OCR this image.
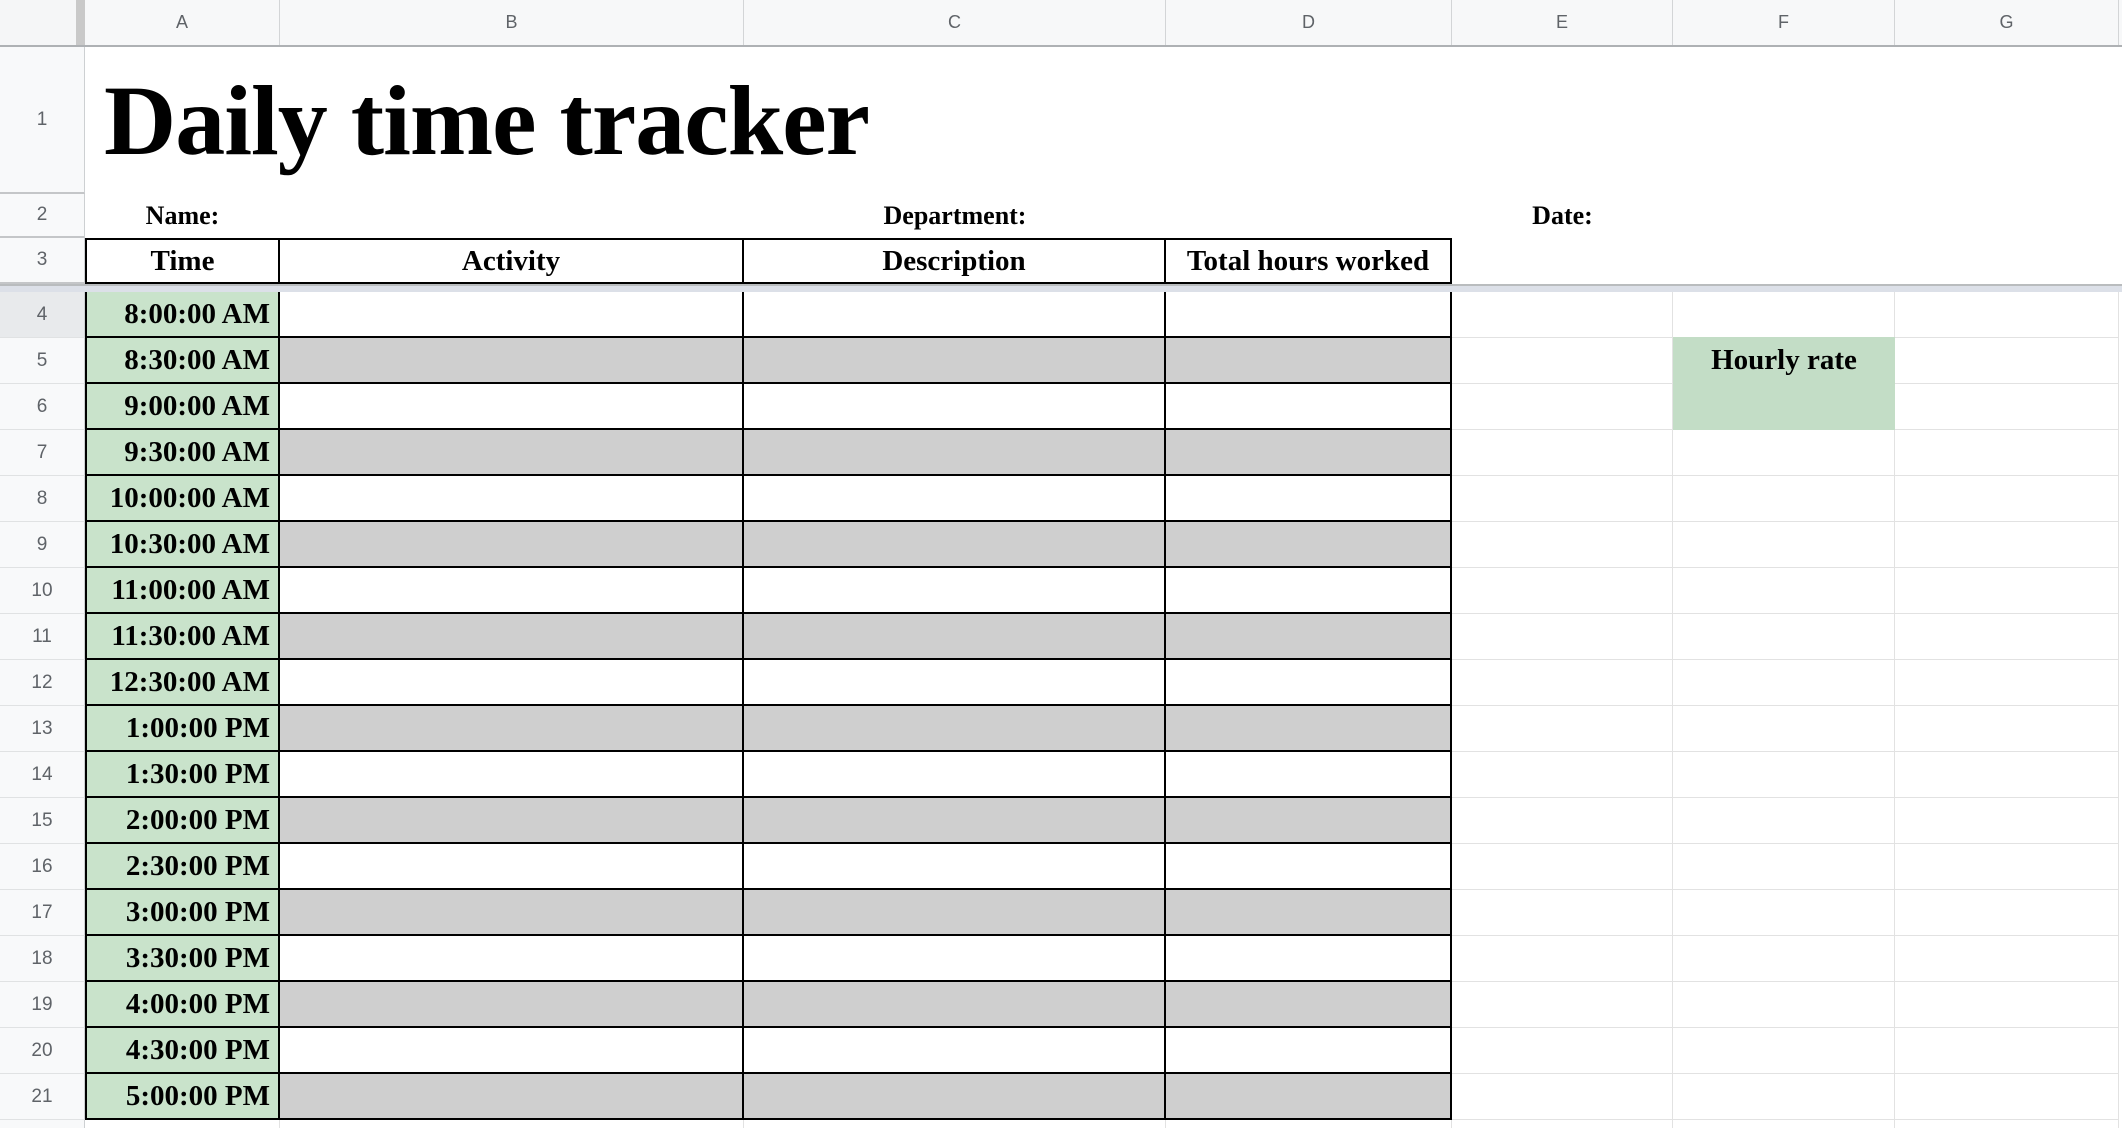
A	B	C	D	E	F	G
1 Daily time tracker
2	Name:	Department:	Date:
3	Time	Activity	Description	Total hours worked
4	8:00:00 AM
5	8:30:00 AM
6	9:00:00 AM
7	9:30:00 AM
8	10:00:00 AM
9	10:30:00 AM
10	11:00:00 AM
11	11:30:00 AM
12	12:30:00 AM
13	1:00:00 PM
14	1:30:00 PM
15	2:00:00 PM
16	2:30:00 PM
17	3:00:00 PM
18	3:30:00 PM
19	4:00:00 PM
20	4:30:00 PM
21	5:00:00 PM
Hourly rate
